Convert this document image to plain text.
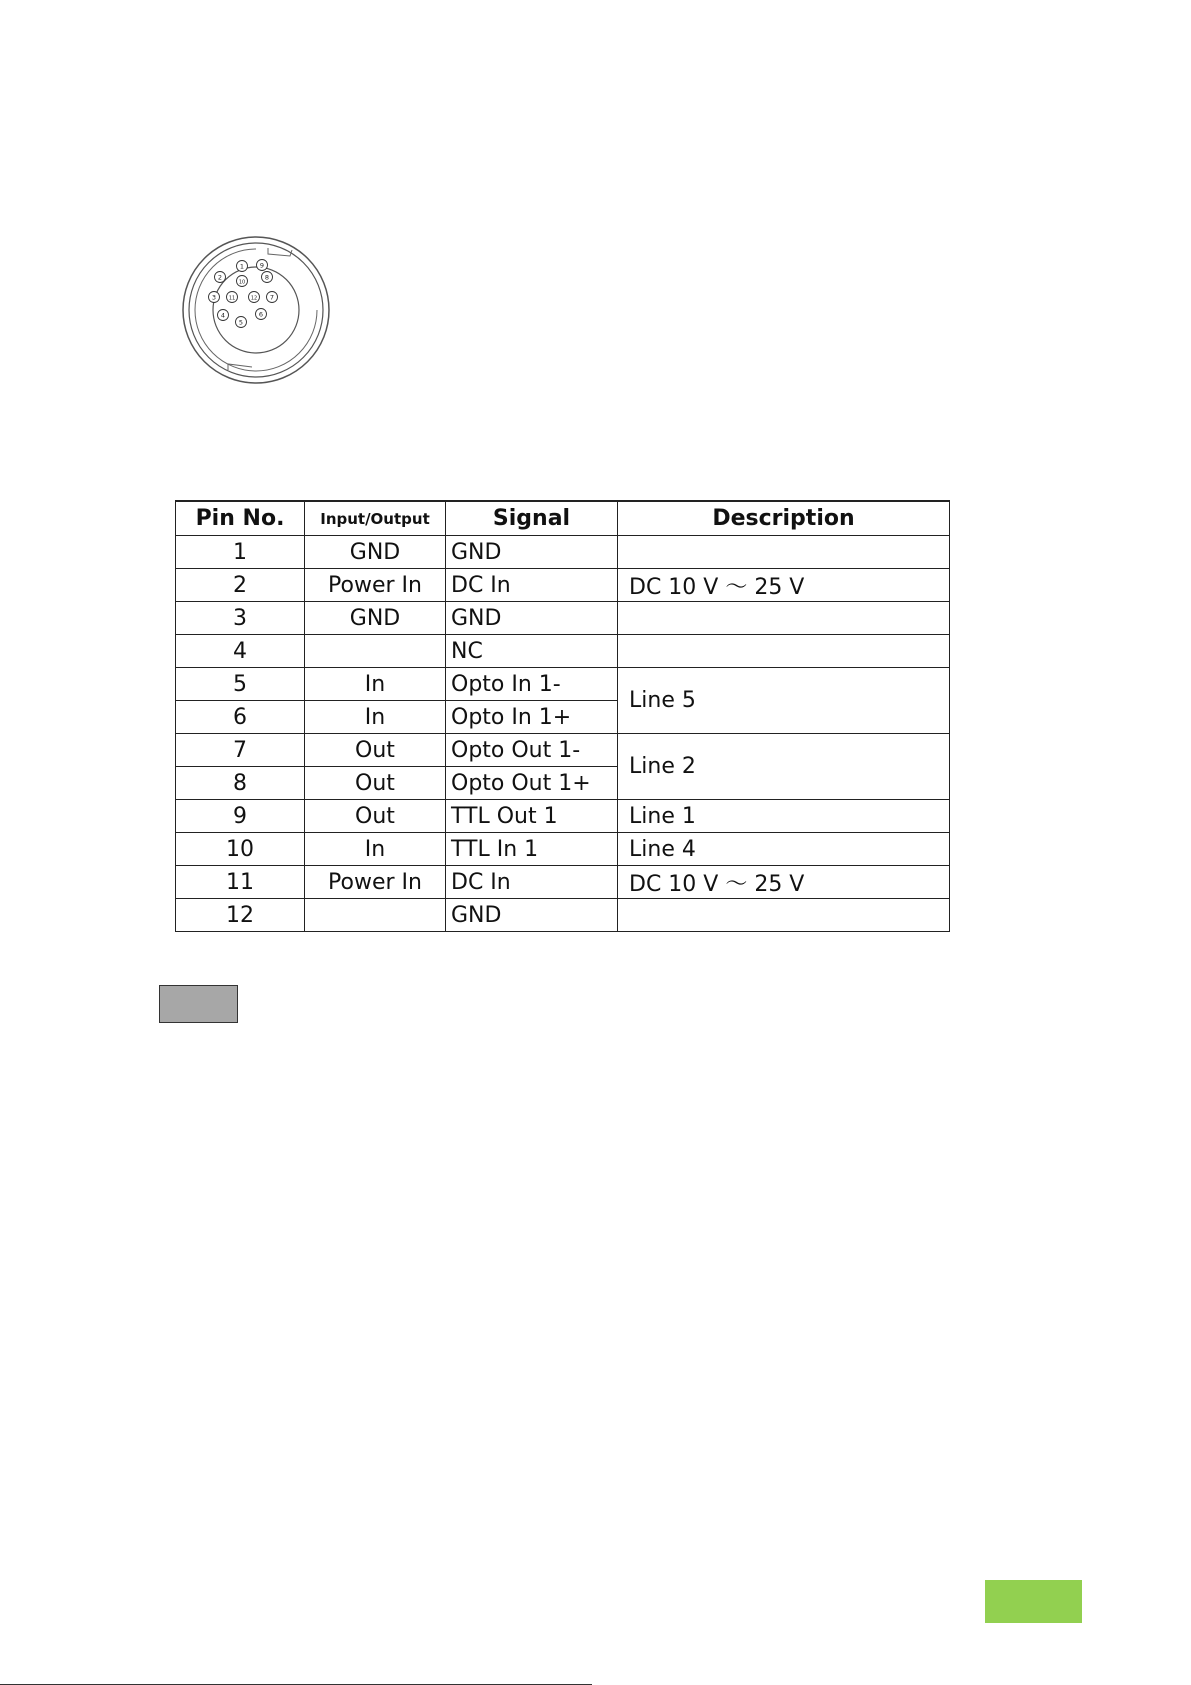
1
2
3
4
5
6
7
8
9
10
11	12
Pin No.	Input/Output	Signal	Description
1	GND	GND	
2	Power In	DC In	DC 10 V ～ 25 V
3	GND	GND	
4		NC	
5	In	Opto In 1-	Line 5
6	In	Opto In 1+	
7	Out	Opto Out 1-	Line 2
8	Out	Opto Out 1+	
9	Out	TTL Out 1	Line 1
10	In	TTL In 1	Line 4
11	Power In	DC In	DC 10 V ～ 25 V
12		GND	
